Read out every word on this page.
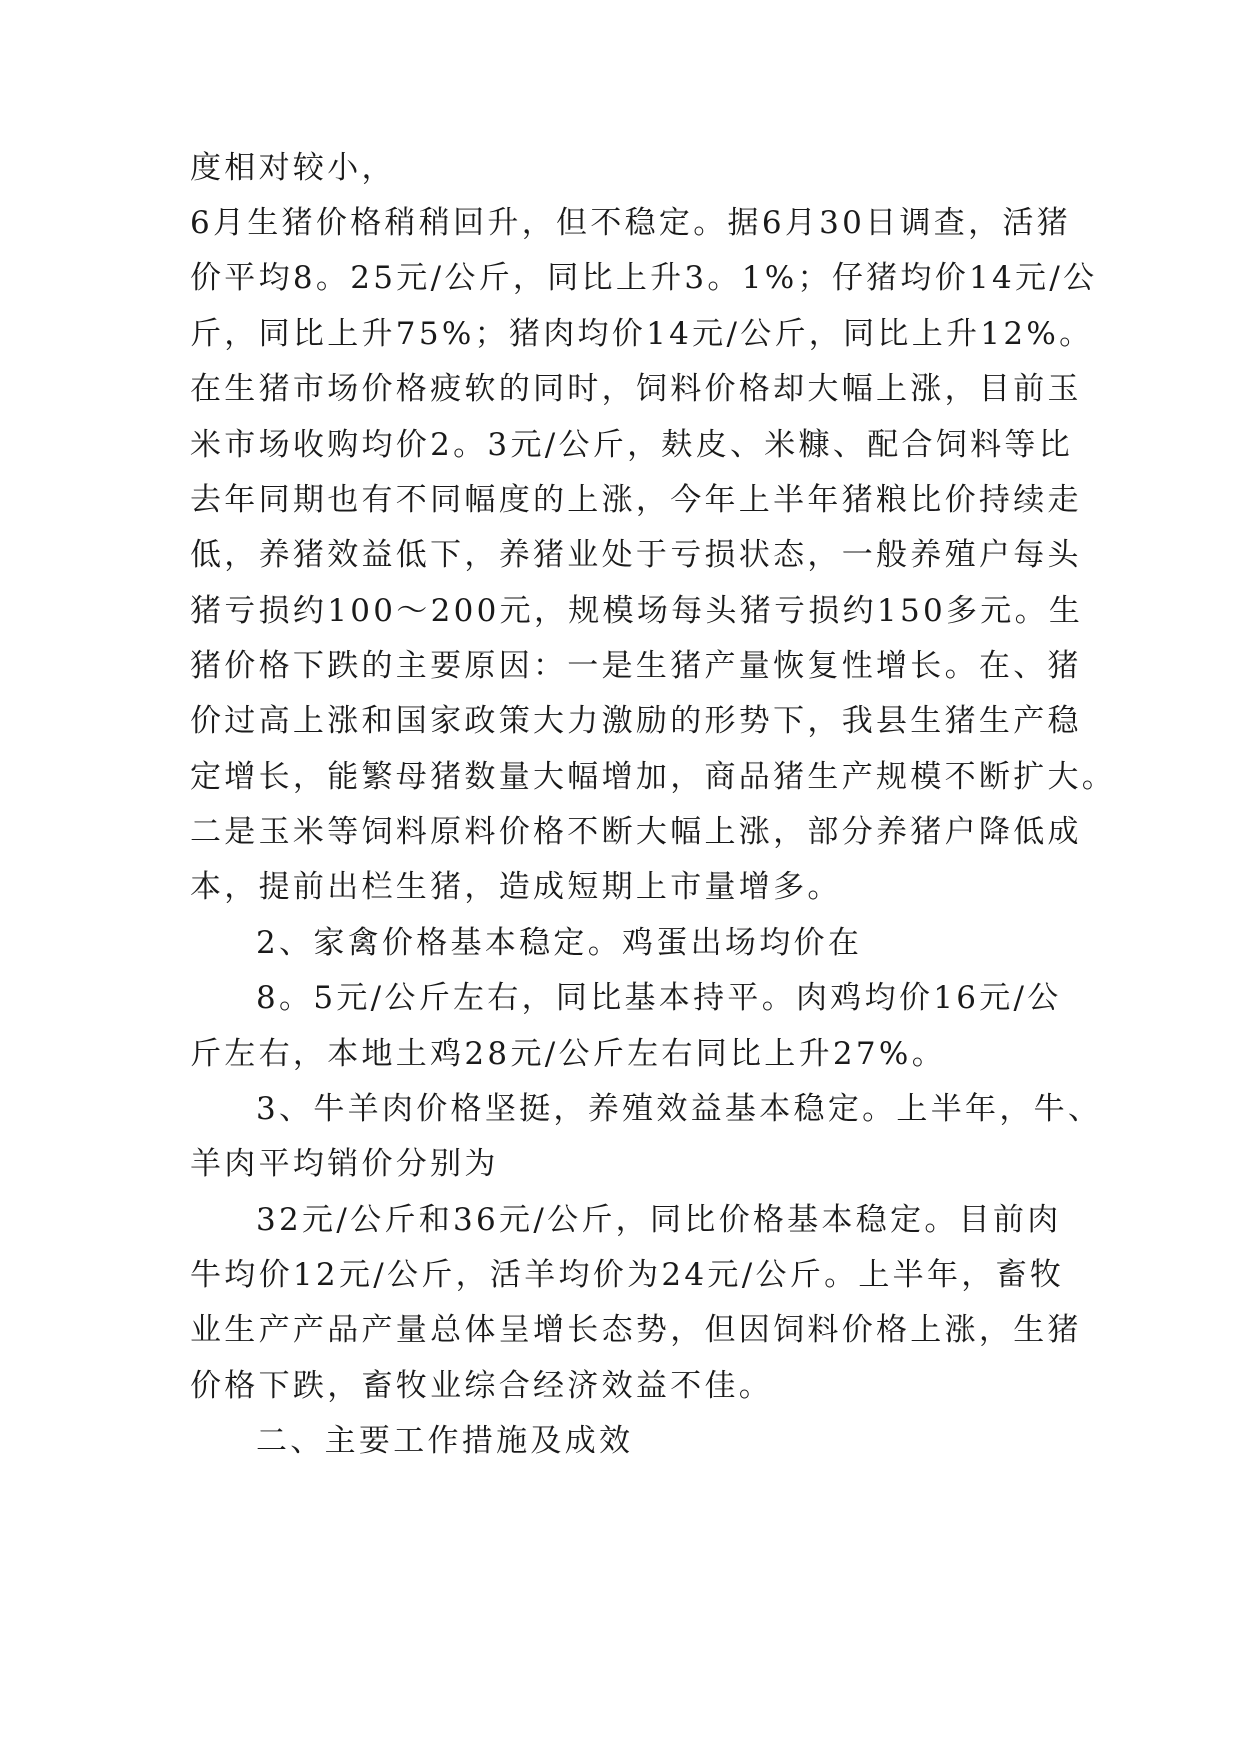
度相对较小，
6月生猪价格稍稍回升，但不稳定。据6月30日调查，活猪
价平均8。25元/公斤，同比上升3。1%；仔猪均价14元/公
斤，同比上升75%；猪肉均价14元/公斤，同比上升12%。
在生猪市场价格疲软的同时，饲料价格却大幅上涨，目前玉
米市场收购均价2。3元/公斤，麸皮、米糠、配合饲料等比
去年同期也有不同幅度的上涨，今年上半年猪粮比价持续走
低，养猪效益低下，养猪业处于亏损状态，一般养殖户每头
猪亏损约100～200元，规模场每头猪亏损约150多元。生
猪价格下跌的主要原因：一是生猪产量恢复性增长。在、猪
价过高上涨和国家政策大力激励的形势下，我县生猪生产稳
定增长，能繁母猪数量大幅增加，商品猪生产规模不断扩大。
二是玉米等饲料原料价格不断大幅上涨，部分养猪户降低成
本，提前出栏生猪，造成短期上市量增多。
2、家禽价格基本稳定。鸡蛋出场均价在
8。5元/公斤左右，同比基本持平。肉鸡均价16元/公
斤左右，本地土鸡28元/公斤左右同比上升27%。
3、牛羊肉价格坚挺，养殖效益基本稳定。上半年，牛、
羊肉平均销价分别为
32元/公斤和36元/公斤，同比价格基本稳定。目前肉
牛均价12元/公斤，活羊均价为24元/公斤。上半年，畜牧
业生产产品产量总体呈增长态势，但因饲料价格上涨，生猪
价格下跌，畜牧业综合经济效益不佳。
二、主要工作措施及成效
